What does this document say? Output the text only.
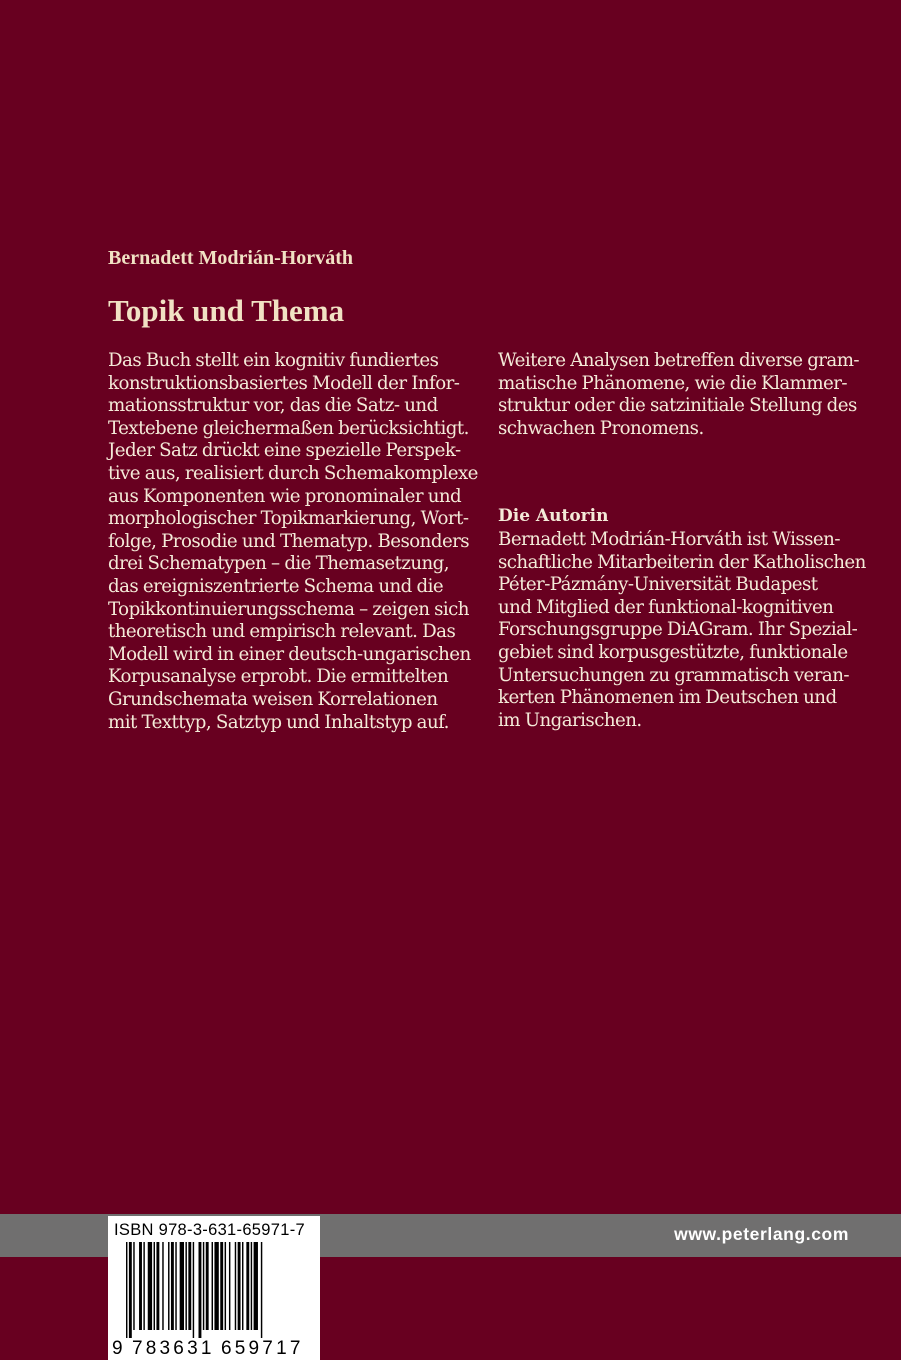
Bernadett Modrián-Horváth
Topik und Thema
Das Buch stellt ein kognitiv fundiertes
konstruktionsbasiertes Modell der Infor-
mationsstruktur vor, das die Satz- und
Textebene gleichermaßen berücksichtigt.
Jeder Satz drückt eine spezielle Perspek-
tive aus, realisiert durch Schemakomplexe
aus Komponenten wie pronominaler und
morphologischer Topikmarkierung, Wort-
folge, Prosodie und Thematyp. Besonders
drei Schematypen – die Themasetzung,
das ereigniszentrierte Schema und die
Topikkontinuierungsschema – zeigen sich
theoretisch und empirisch relevant. Das
Modell wird in einer deutsch-ungarischen
Korpusanalyse erprobt. Die ermittelten
Grundschemata weisen Korrelationen
mit Texttyp, Satztyp und Inhaltstyp auf.
Weitere Analysen betreffen diverse gram-
matische Phänomene, wie die Klammer-
struktur oder die satzinitiale Stellung des
schwachen Pronomens.
Die Autorin
Bernadett Modrián-Horváth ist Wissen-
schaftliche Mitarbeiterin der Katholischen
Péter-Pázmány-Universität Budapest
und Mitglied der funktional-kognitiven
Forschungsgruppe DiAGram. Ihr Spezial-
gebiet sind korpusgestützte, funktionale
Untersuchungen zu grammatisch veran-
kerten Phänomenen im Deutschen und
im Ungarischen.
www.peterlang.com
ISBN 978-3-631-65971-7
9 783631 659717
